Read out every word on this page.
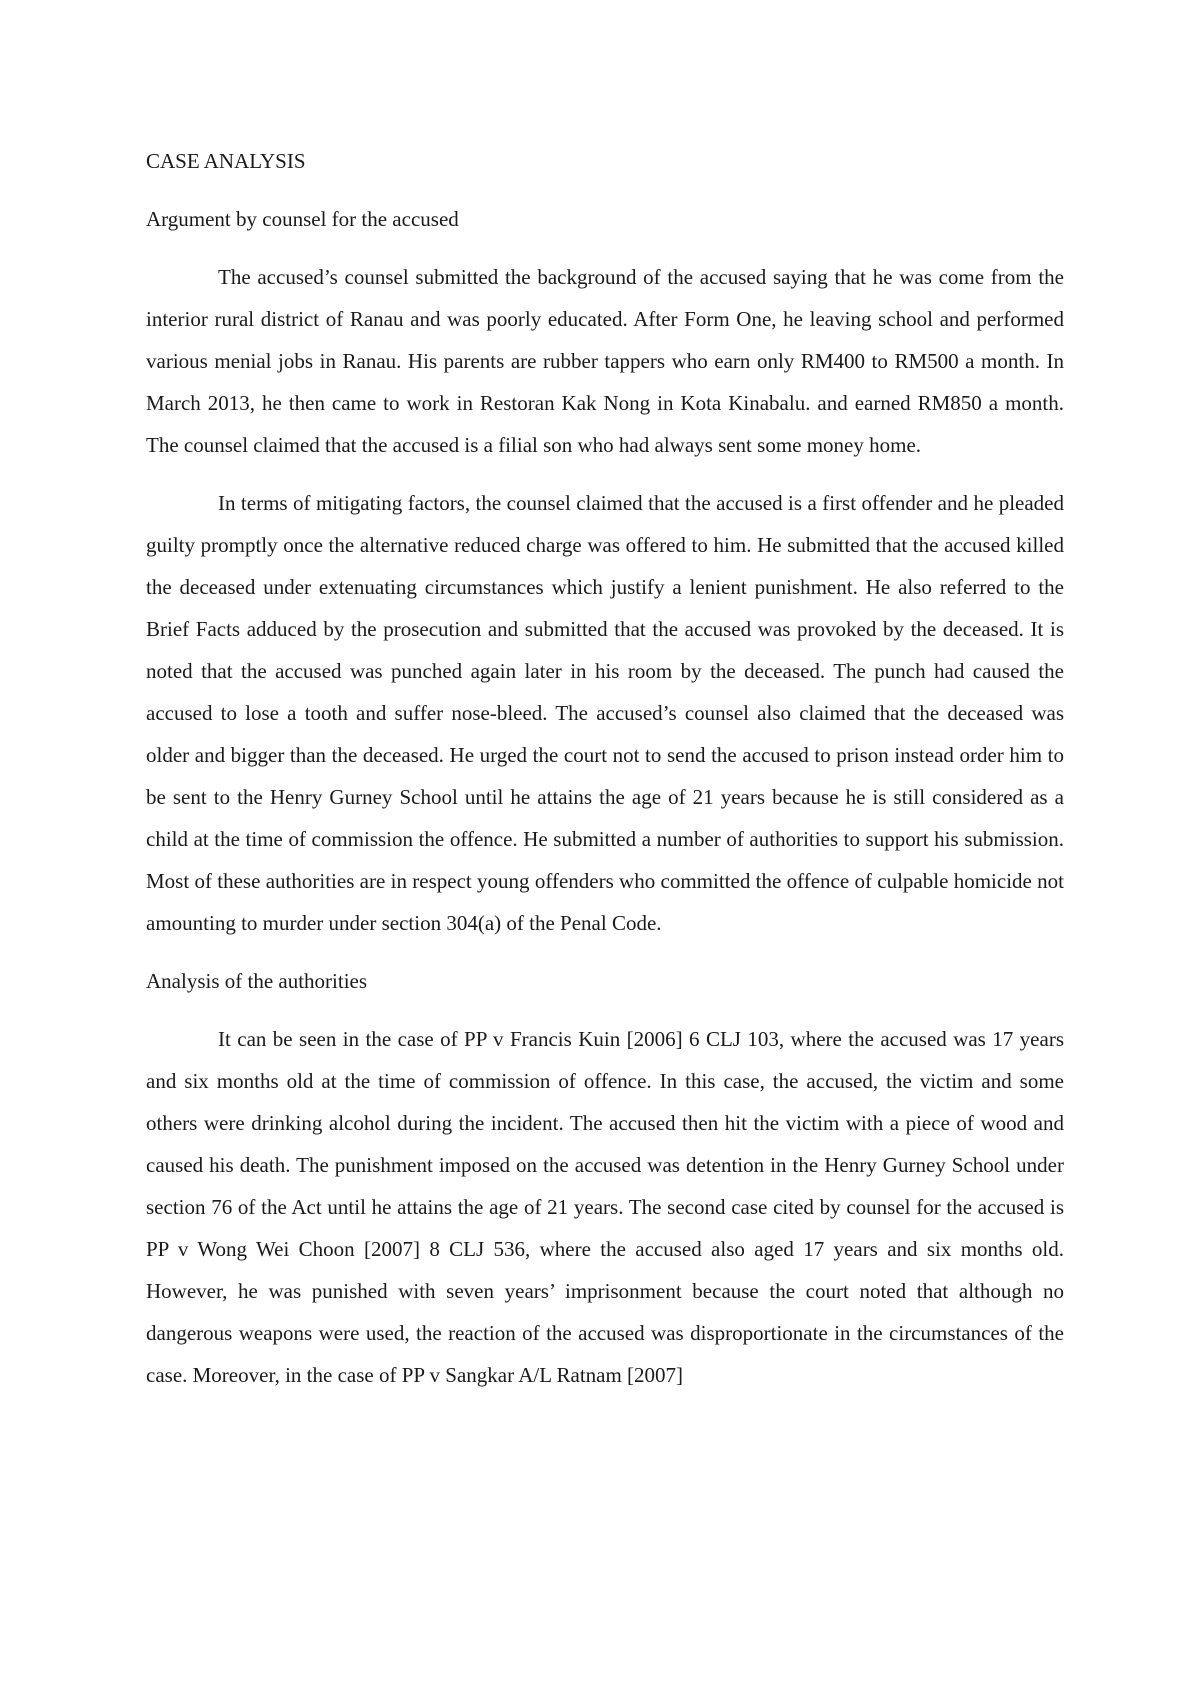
CASE ANALYSIS
Argument by counsel for the accused

The accused’s counsel submitted the background of the accused saying that he was come from the interior rural district of Ranau and was poorly educated. After Form One, he leaving school and performed various menial jobs in Ranau. His parents are rubber tappers who earn only RM400 to RM500 a month. In March 2013, he then came to work in Restoran Kak Nong in Kota Kinabalu. and earned RM850 a month. The counsel claimed that the accused is a filial son who had always sent some money home.

In terms of mitigating factors, the counsel claimed that the accused is a first offender and he pleaded guilty promptly once the alternative reduced charge was offered to him. He submitted that the accused killed the deceased under extenuating circumstances which justify a lenient punishment. He also referred to the Brief Facts adduced by the prosecution and submitted that the accused was provoked by the deceased. It is noted that the accused was punched again later in his room by the deceased. The punch had caused the accused to lose a tooth and suffer nose-bleed. The accused’s counsel also claimed that the deceased was older and bigger than the deceased. He urged the court not to send the accused to prison instead order him to be sent to the Henry Gurney School until he attains the age of 21 years because he is still considered as a child at the time of commission the offence. He submitted a number of authorities to support his submission. Most of these authorities are in respect young offenders who committed the offence of culpable homicide not amounting to murder under section 304(a) of the Penal Code.

Analysis of the authorities

It can be seen in the case of PP v Francis Kuin [2006] 6 CLJ 103, where the accused was 17 years and six months old at the time of commission of offence. In this case, the accused, the victim and some others were drinking alcohol during the incident. The accused then hit the victim with a piece of wood and caused his death. The punishment imposed on the accused was detention in the Henry Gurney School under section 76 of the Act until he attains the age of 21 years. The second case cited by counsel for the accused is PP v Wong Wei Choon [2007] 8 CLJ 536, where the accused also aged 17 years and six months old. However, he was punished with seven years’ imprisonment because the court noted that although no dangerous weapons were used, the reaction of the accused was disproportionate in the circumstances of the case. Moreover, in the case of PP v Sangkar A/L Ratnam [2007]
